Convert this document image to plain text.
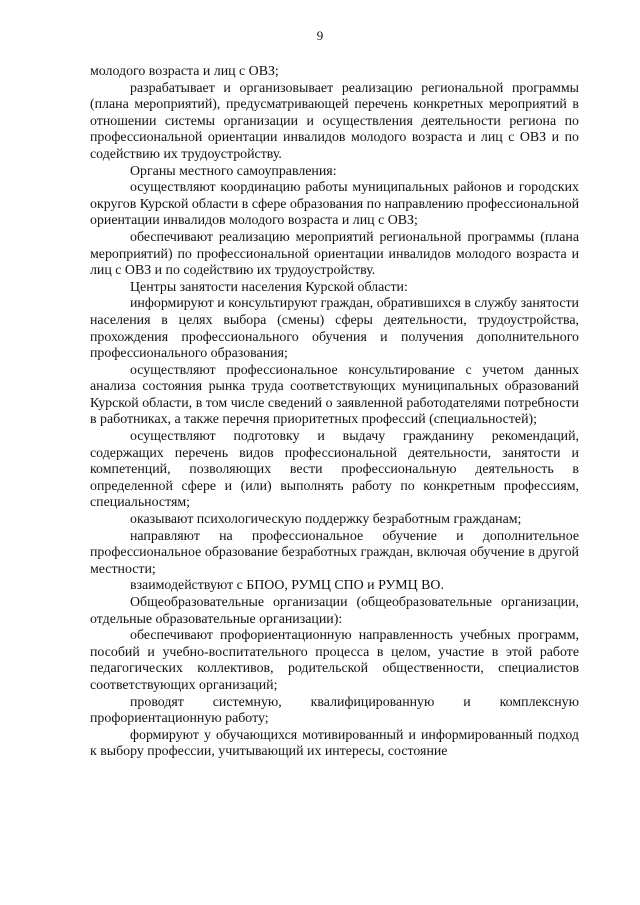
9

молодого возраста и лиц с ОВЗ;

разрабатывает и организовывает реализацию региональной программы (плана мероприятий), предусматривающей перечень конкретных мероприятий в отношении системы организации и осуществления деятельности региона по профессиональной ориентации инвалидов молодого возраста и лиц с ОВЗ и по содействию их трудоустройству.

Органы местного самоуправления:

осуществляют координацию работы муниципальных районов и городских округов Курской области в сфере образования по направлению профессиональной ориентации инвалидов молодого возраста и лиц с ОВЗ;

обеспечивают реализацию мероприятий региональной программы (плана мероприятий) по профессиональной ориентации инвалидов молодого возраста и лиц с ОВЗ и по содействию их трудоустройству.

Центры занятости населения Курской области:

информируют и консультируют граждан, обратившихся в службу занятости населения в целях выбора (смены) сферы деятельности, трудоустройства, прохождения профессионального обучения и получения дополнительного профессионального образования;

осуществляют профессиональное консультирование с учетом данных анализа состояния рынка труда соответствующих муниципальных образований Курской области, в том числе сведений о заявленной работодателями потребности в работниках, а также перечня приоритетных профессий (специальностей);

осуществляют подготовку и выдачу гражданину рекомендаций, содержащих перечень видов профессиональной деятельности, занятости и компетенций, позволяющих вести профессиональную деятельность в определенной сфере и (или) выполнять работу по конкретным профессиям, специальностям;

оказывают психологическую поддержку безработным гражданам;

направляют на профессиональное обучение и дополнительное профессиональное образование безработных граждан, включая обучение в другой местности;

взаимодействуют с БПОО, РУМЦ СПО и РУМЦ ВО.

Общеобразовательные организации (общеобразовательные организации, отдельные образовательные организации):

обеспечивают профориентационную направленность учебных программ, пособий и учебно-воспитательного процесса в целом, участие в этой работе педагогических коллективов, родительской общественности, специалистов соответствующих организаций;

проводят системную, квалифицированную и комплексную профориентационную работу;

формируют у обучающихся мотивированный и информированный подход к выбору профессии, учитывающий их интересы, состояние
